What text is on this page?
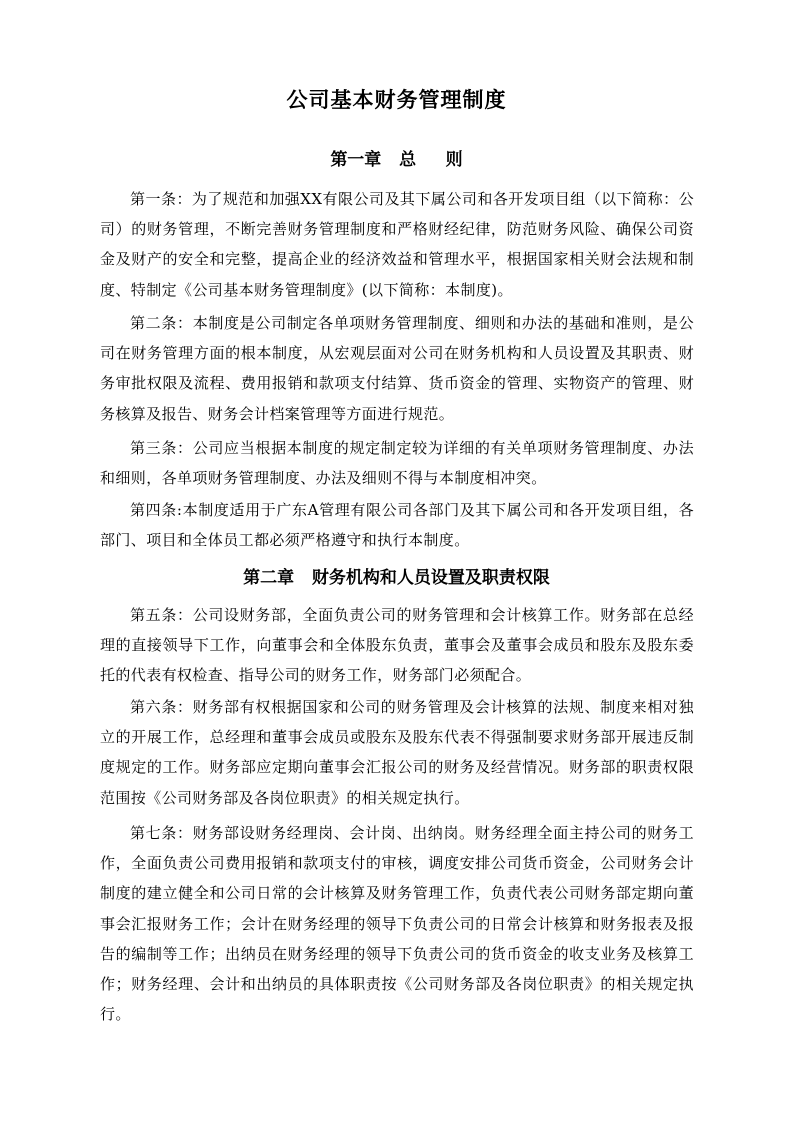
公司基本财务管理制度
第一章   总     则

第一条：为了规范和加强XX有限公司及其下属公司和各开发项目组（以下简称：公司）的财务管理，不断完善财务管理制度和严格财经纪律，防范财务风险、确保公司资金及财产的安全和完整，提高企业的经济效益和管理水平，根据国家相关财会法规和制度、特制定《公司基本财务管理制度》(以下简称：本制度)。

第二条：本制度是公司制定各单项财务管理制度、细则和办法的基础和准则，是公司在财务管理方面的根本制度，从宏观层面对公司在财务机构和人员设置及其职责、财务审批权限及流程、费用报销和款项支付结算、货币资金的管理、实物资产的管理、财务核算及报告、财务会计档案管理等方面进行规范。

第三条：公司应当根据本制度的规定制定较为详细的有关单项财务管理制度、办法和细则，各单项财务管理制度、办法及细则不得与本制度相冲突。

第四条:本制度适用于广东A管理有限公司各部门及其下属公司和各开发项目组，各部门、项目和全体员工都必须严格遵守和执行本制度。

第二章   财务机构和人员设置及职责权限

第五条：公司设财务部，全面负责公司的财务管理和会计核算工作。财务部在总经理的直接领导下工作，向董事会和全体股东负责，董事会及董事会成员和股东及股东委托的代表有权检查、指导公司的财务工作，财务部门必须配合。

第六条：财务部有权根据国家和公司的财务管理及会计核算的法规、制度来相对独立的开展工作，总经理和董事会成员或股东及股东代表不得强制要求财务部开展违反制度规定的工作。财务部应定期向董事会汇报公司的财务及经营情况。财务部的职责权限范围按《公司财务部及各岗位职责》的相关规定执行。

第七条：财务部设财务经理岗、会计岗、出纳岗。财务经理全面主持公司的财务工作，全面负责公司费用报销和款项支付的审核，调度安排公司货币资金，公司财务会计制度的建立健全和公司日常的会计核算及财务管理工作，负责代表公司财务部定期向董事会汇报财务工作；会计在财务经理的领导下负责公司的日常会计核算和财务报表及报告的编制等工作；出纳员在财务经理的领导下负责公司的货币资金的收支业务及核算工作；财务经理、会计和出纳员的具体职责按《公司财务部及各岗位职责》的相关规定执行。
